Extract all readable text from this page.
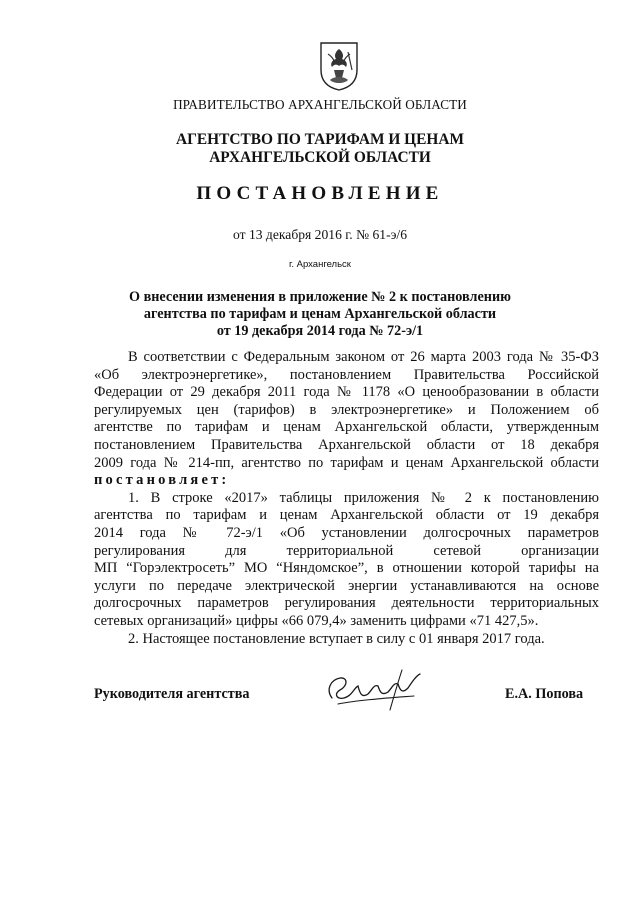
ПРАВИТЕЛЬСТВО АРХАНГЕЛЬСКОЙ ОБЛАСТИ
АГЕНТСТВО ПО ТАРИФАМ И ЦЕНАМ
АРХАНГЕЛЬСКОЙ ОБЛАСТИ
ПОСТАНОВЛЕНИЕ
от 13 декабря 2016 г. № 61-э/6
г. Архангельск
О внесении изменения в приложение № 2 к постановлению
агентства по тарифам и ценам Архангельской области
от 19 декабря 2014 года № 72-э/1

В соответствии с Федеральным законом от 26 марта 2003 года № 35-ФЗ

«Об электроэнергетике», постановлением Правительства Российской

Федерации от 29 декабря 2011 года № 1178 «О ценообразовании в области

регулируемых цен (тарифов) в электроэнергетике» и Положением об

агентстве по тарифам и ценам Архангельской области, утвержденным

постановлением Правительства Архангельской области от 18 декабря

2009 года № 214-пп, агентство по тарифам и ценам Архангельской области

постановляет:

1. В строке «2017» таблицы приложения № 2 к постановлению

агентства по тарифам и ценам Архангельской области от 19 декабря

2014 года № 72-э/1 «Об установлении долгосрочных параметров

регулирования для территориальной сетевой организации

МП “Горэлектросеть” МО “Няндомское”, в отношении которой тарифы на

услуги по передаче электрической энергии устанавливаются на основе

долгосрочных параметров регулирования деятельности территориальных

сетевых организаций» цифры «66 079,4» заменить цифрами «71 427,5».

2. Настоящее постановление вступает в силу с 01 января 2017 года.

Руководителя агентства	Е.А. Попова
